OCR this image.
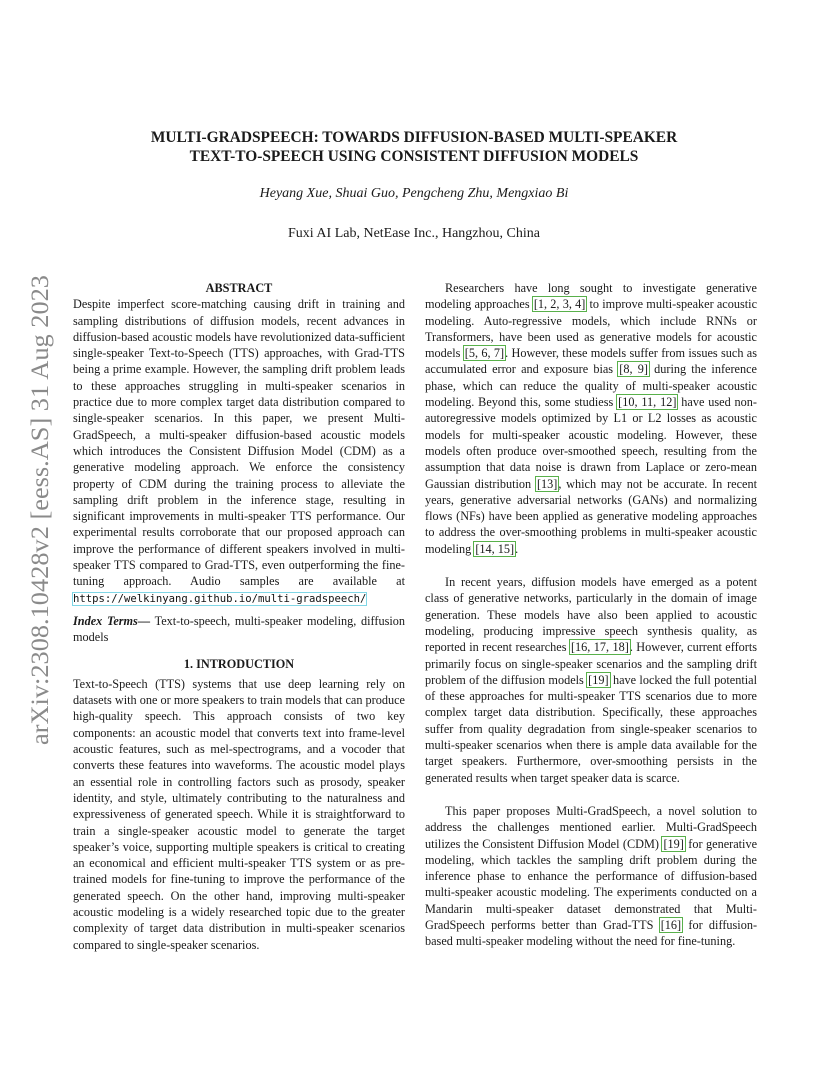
arXiv:2308.10428v2 [eess.AS] 31 Aug 2023
MULTI-GRADSPEECH: TOWARDS DIFFUSION-BASED MULTI-SPEAKER
TEXT-TO-SPEECH USING CONSISTENT DIFFUSION MODELS
Heyang Xue, Shuai Guo, Pengcheng Zhu, Mengxiao Bi
Fuxi AI Lab, NetEase Inc., Hangzhou, China
ABSTRACT

Despite imperfect score-matching causing drift in training and sampling distributions of diffusion models, recent advances in diffusion-based acoustic models have revolutionized data-sufficient single-speaker Text-to-Speech (TTS) approaches, with Grad-TTS being a prime example. However, the sampling drift problem leads to these approaches struggling in multi-speaker scenarios in practice due to more complex target data distribution compared to single-speaker scenarios. In this paper, we present Multi-GradSpeech, a multi-speaker diffusion-based acoustic models which introduces the Consistent Diffusion Model (CDM) as a generative modeling approach. We enforce the consistency property of CDM during the training process to alleviate the sampling drift problem in the inference stage, resulting in significant improvements in multi-speaker TTS performance. Our experimental results corroborate that our proposed approach can improve the performance of different speakers involved in multi-speaker TTS compared to Grad-TTS, even outperforming the fine-tuning approach. Audio samples are available at https://welkinyang.github.io/multi-gradspeech/

Index Terms— Text-to-speech, multi-speaker modeling, diffusion models

1. INTRODUCTION

Text-to-Speech (TTS) systems that use deep learning rely on datasets with one or more speakers to train models that can produce high-quality speech. This approach consists of two key components: an acoustic model that converts text into frame-level acoustic features, such as mel-spectrograms, and a vocoder that converts these features into waveforms. The acoustic model plays an essential role in controlling factors such as prosody, speaker identity, and style, ultimately contributing to the naturalness and expressiveness of generated speech. While it is straightforward to train a single-speaker acoustic model to generate the target speaker’s voice, supporting multiple speakers is critical to creating an economical and efficient multi-speaker TTS system or as pre-trained models for fine-tuning to improve the performance of the generated speech. On the other hand, improving multi-speaker acoustic modeling is a widely researched topic due to the greater complexity of target data distribution in multi-speaker scenarios compared to single-speaker scenarios.

Researchers have long sought to investigate generative modeling approaches [1, 2, 3, 4] to improve multi-speaker acoustic modeling. Auto-regressive models, which include RNNs or Transformers, have been used as generative models for acoustic models [5, 6, 7]. However, these models suffer from issues such as accumulated error and exposure bias [8, 9] during the inference phase, which can reduce the quality of multi-speaker acoustic modeling. Beyond this, some studiess [10, 11, 12] have used non-autoregressive models optimized by L1 or L2 losses as acoustic models for multi-speaker acoustic modeling. However, these models often produce over-smoothed speech, resulting from the assumption that data noise is drawn from Laplace or zero-mean Gaussian distribution [13], which may not be accurate. In recent years, generative adversarial networks (GANs) and normalizing flows (NFs) have been applied as generative modeling approaches to address the over-smoothing problems in multi-speaker acoustic modeling [14, 15].

In recent years, diffusion models have emerged as a potent class of generative networks, particularly in the domain of image generation. These models have also been applied to acoustic modeling, producing impressive speech synthesis quality, as reported in recent researches [16, 17, 18]. However, current efforts primarily focus on single-speaker scenarios and the sampling drift problem of the diffusion models [19] have locked the full potential of these approaches for multi-speaker TTS scenarios due to more complex target data distribution. Specifically, these approaches suffer from quality degradation from single-speaker scenarios to multi-speaker scenarios when there is ample data available for the target speakers. Furthermore, over-smoothing persists in the generated results when target speaker data is scarce.

This paper proposes Multi-GradSpeech, a novel solution to address the challenges mentioned earlier. Multi-GradSpeech utilizes the Consistent Diffusion Model (CDM) [19] for generative modeling, which tackles the sampling drift problem during the inference phase to enhance the performance of diffusion-based multi-speaker acoustic modeling. The experiments conducted on a Mandarin multi-speaker dataset demonstrated that Multi-GradSpeech performs better than Grad-TTS [16] for diffusion-based multi-speaker modeling without the need for fine-tuning.
